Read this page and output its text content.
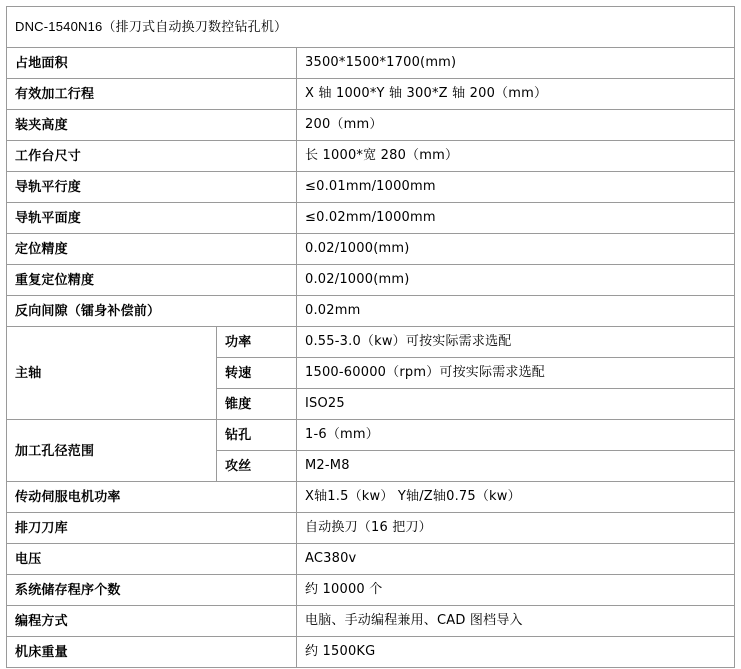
DNC-1540N16（排刀式自动换刀数控钻孔机）		
占地面积		3500*1500*1700(mm)
有效加工行程		X 轴 1000*Y 轴 300*Z 轴 200（mm）
装夹高度		200（mm）
工作台尺寸		长 1000*宽 280（mm）
导轨平行度		≤0.01mm/1000mm
导轨平面度		≤0.02mm/1000mm
定位精度		0.02/1000(mm)
重复定位精度		0.02/1000(mm)
反向间隙（镭身补偿前）		0.02mm
主轴	功率	0.55-3.0（kw）可按实际需求选配
	转速	1500-60000（rpm）可按实际需求选配
	锥度	ISO25
加工孔径范围	钻孔	1-6（mm）
	攻丝	M2-M8
传动伺服电机功率		X轴1.5（kw） Y轴/Z轴0.75（kw）
排刀刀库		自动换刀（16 把刀）
电压		AC380v
系统储存程序个数		约 10000 个
编程方式		电脑、手动编程兼用、CAD 图档导入
机床重量		约 1500KG
